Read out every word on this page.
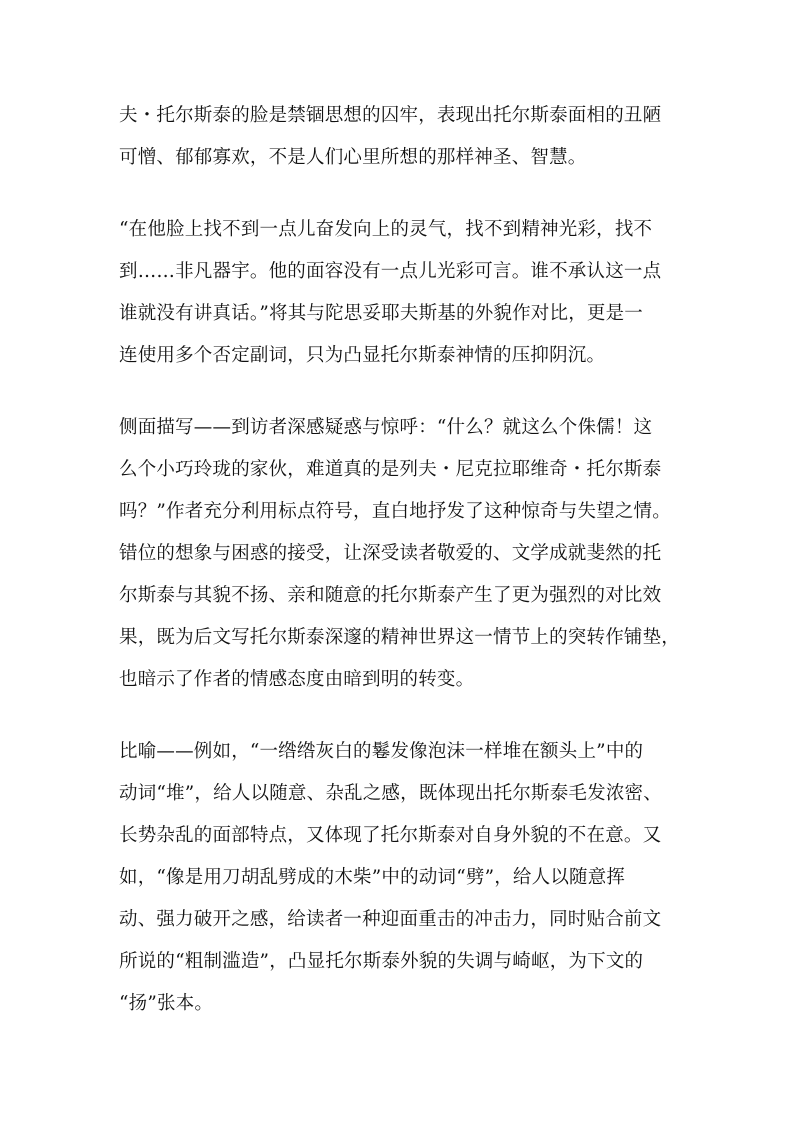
夫・托尔斯泰的脸是禁锢思想的囚牢，表现出托尔斯泰面相的丑陋
可憎、郁郁寡欢，不是人们心里所想的那样神圣、智慧。
“在他脸上找不到一点儿奋发向上的灵气，找不到精神光彩，找不
到……非凡器宇。他的面容没有一点儿光彩可言。谁不承认这一点
谁就没有讲真话。”将其与陀思妥耶夫斯基的外貌作对比，更是一
连使用多个否定副词，只为凸显托尔斯泰神情的压抑阴沉。
侧面描写——到访者深感疑惑与惊呼：“什么？就这么个侏儒！这
么个小巧玲珑的家伙，难道真的是列夫・尼克拉耶维奇・托尔斯泰
吗？”作者充分利用标点符号，直白地抒发了这种惊奇与失望之情。
错位的想象与困惑的接受，让深受读者敬爱的、文学成就斐然的托
尔斯泰与其貌不扬、亲和随意的托尔斯泰产生了更为强烈的对比效
果，既为后文写托尔斯泰深邃的精神世界这一情节上的突转作铺垫，
也暗示了作者的情感态度由暗到明的转变。
比喻——例如，“一绺绺灰白的鬈发像泡沫一样堆在额头上”中的
动词“堆”，给人以随意、杂乱之感，既体现出托尔斯泰毛发浓密、
长势杂乱的面部特点，又体现了托尔斯泰对自身外貌的不在意。又
如，“像是用刀胡乱劈成的木柴”中的动词“劈”，给人以随意挥
动、强力破开之感，给读者一种迎面重击的冲击力，同时贴合前文
所说的“粗制滥造”，凸显托尔斯泰外貌的失调与崎岖，为下文的
“扬”张本。
